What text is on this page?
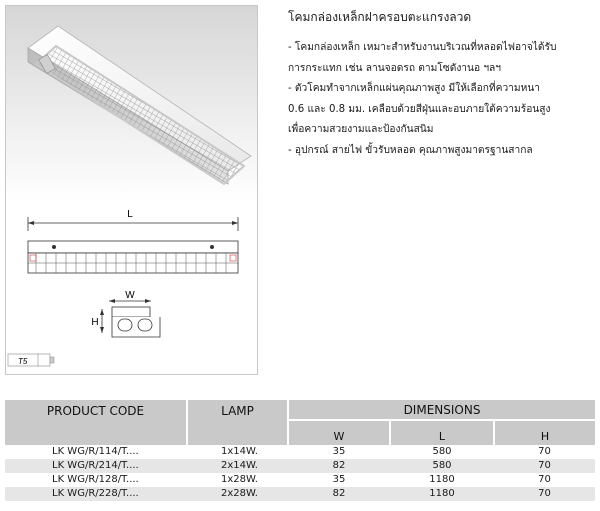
L
W
H
T5
โคมกล่องเหล็กฝาครอบตะแกรงลวด
- โคมกล่องเหล็ก เหมาะสำหรับงานบริเวณที่หลอดไฟอาจได้รับ
การกระแทก เช่น ลานจอดรถ ตามโซดังานอ ฯลฯ
- ตัวโคมทำจากเหล็กแผ่นคุณภาพสูง มีให้เลือกที่ความหนา
0.6 และ 0.8 มม. เคลือบด้วยสีฝุ่นและอบภายใต้ความร้อนสูง
เพื่อความสวยงามและป้องกันสนิม
- อุปกรณ์ สายไฟ ขั้วรับหลอด คุณภาพสูงมาตรฐานสากล
PRODUCT CODE	LAMP	DIMENSIONS		
		W	L	H
LK WG/R/114/T....	1x14W.	35	580	70
LK WG/R/214/T....	2x14W.	82	580	70
LK WG/R/128/T....	1x28W.	35	1180	70
LK WG/R/228/T....	2x28W.	82	1180	70
